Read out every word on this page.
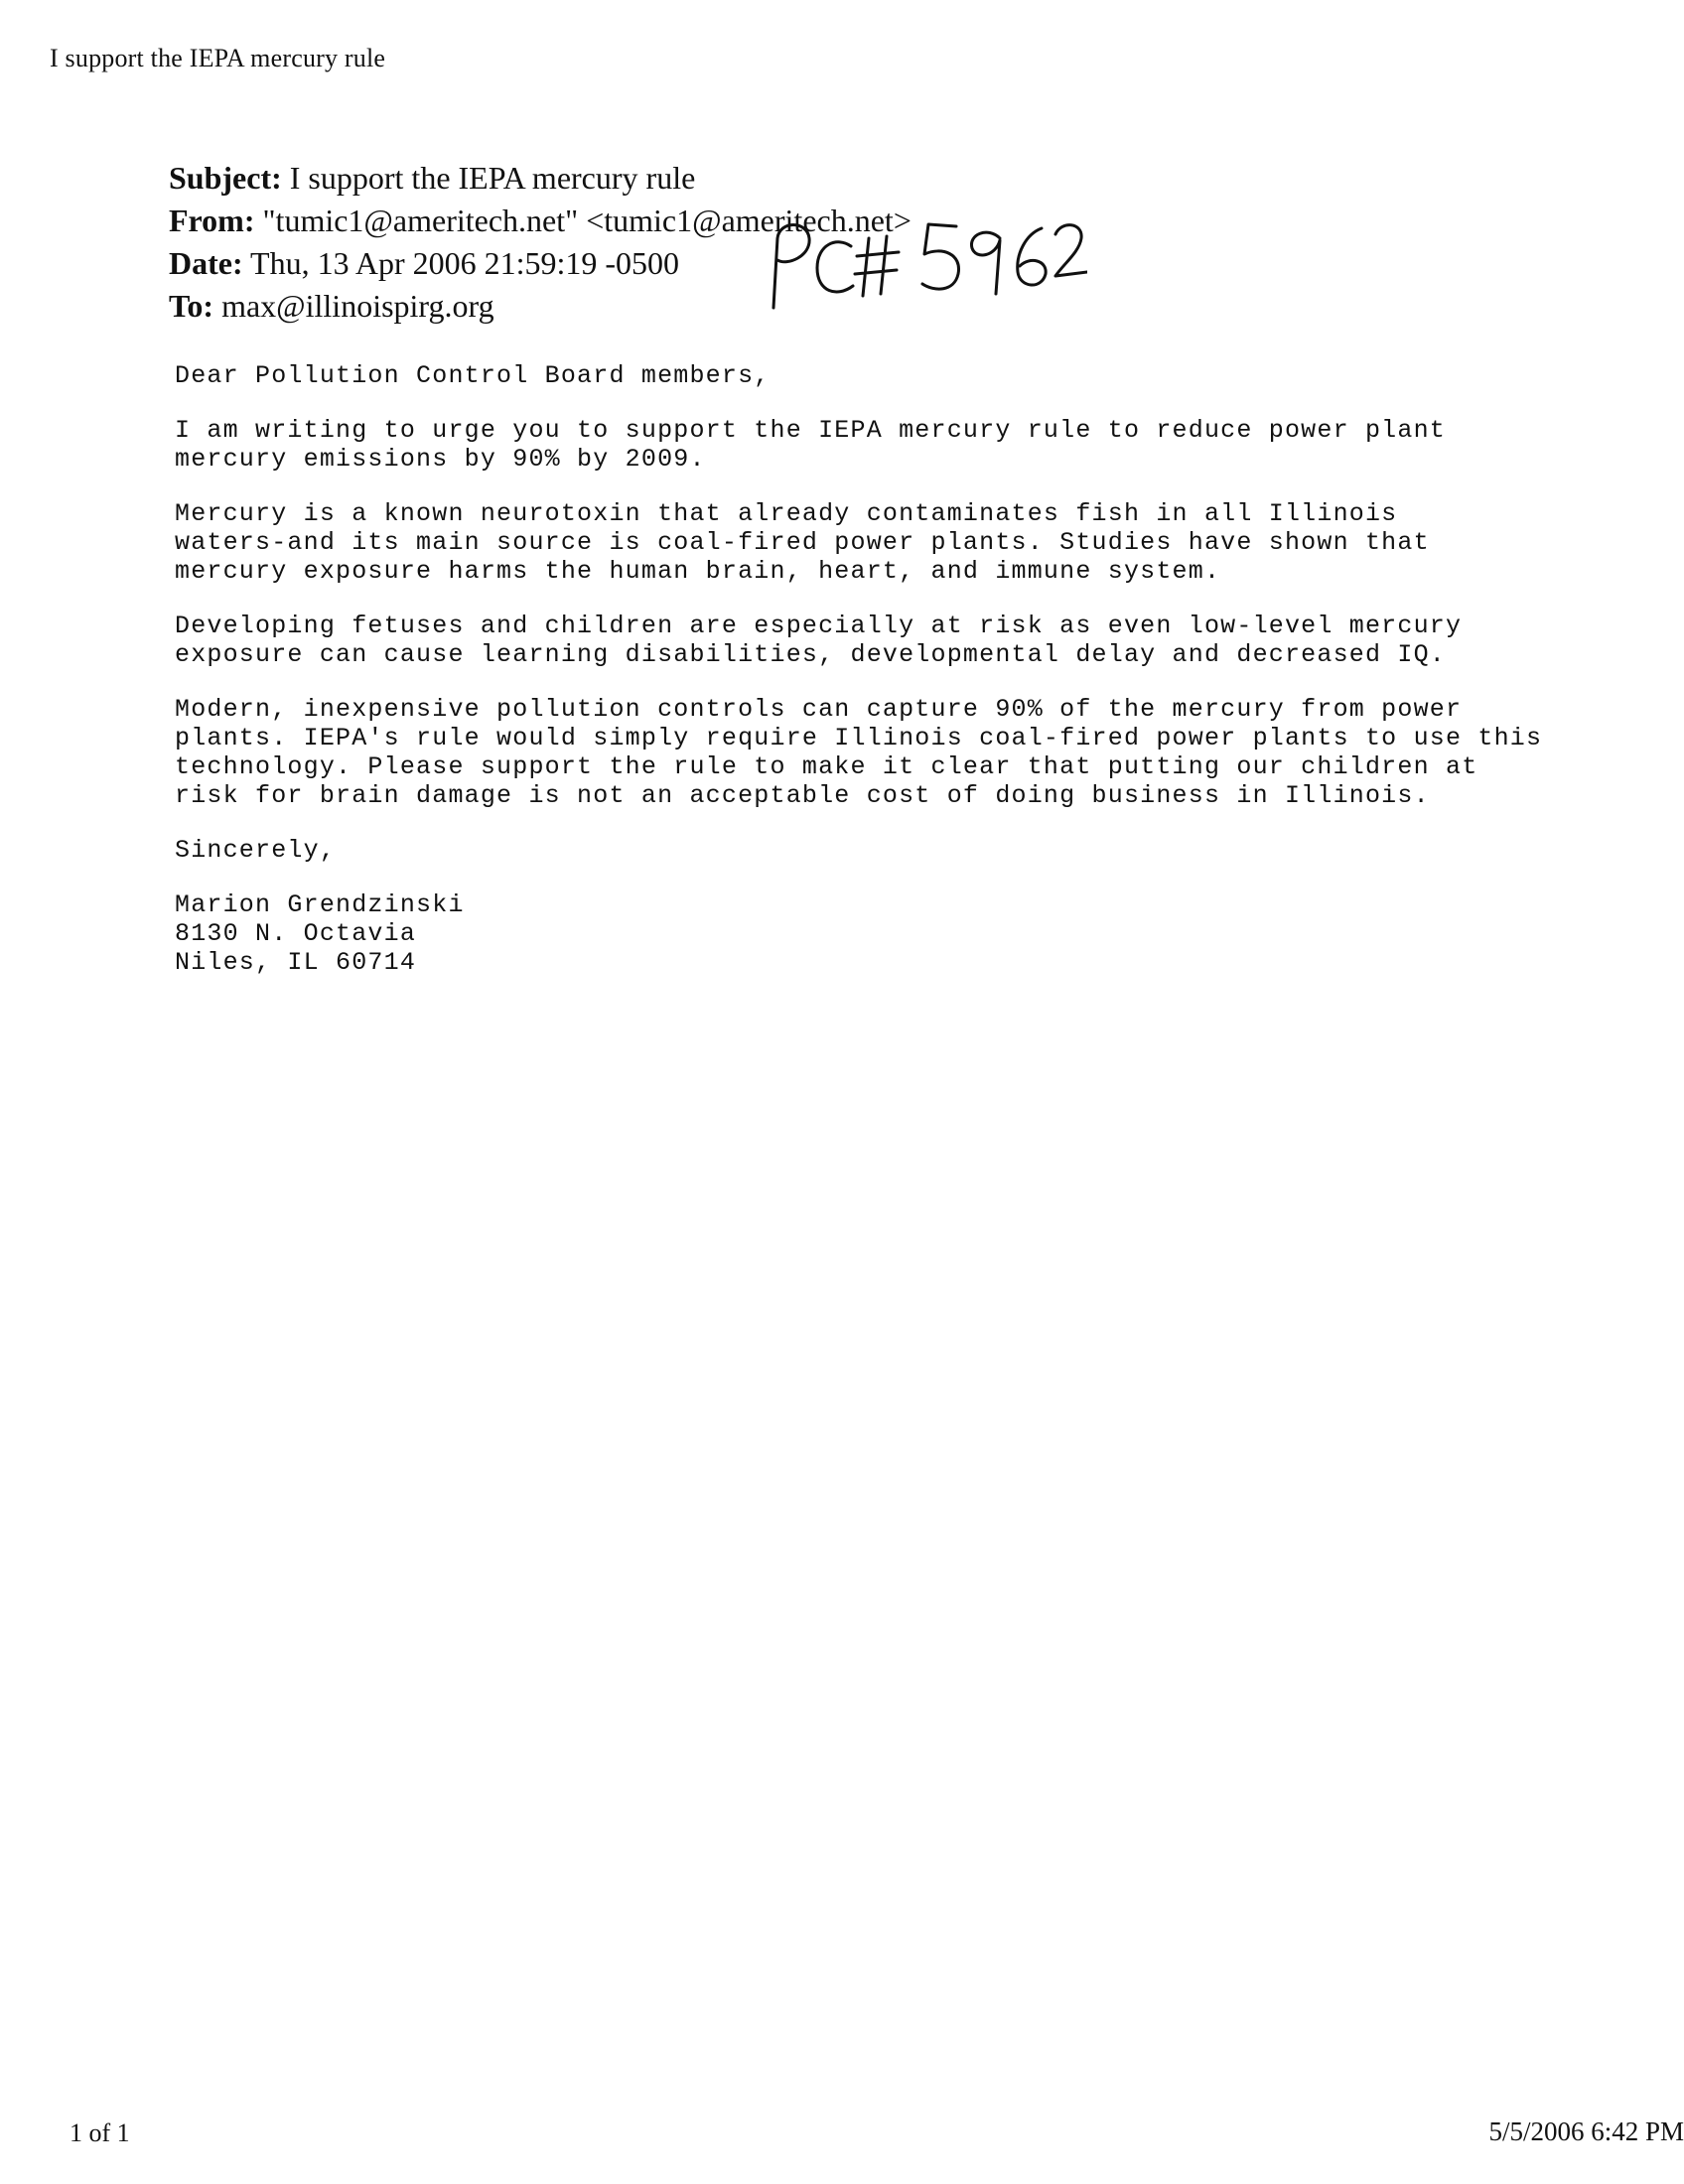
I support the IEPA mercury rule
Subject: I support the IEPA mercury rule
From: "tumic1@ameritech.net" <tumic1@ameritech.net>
Date: Thu, 13 Apr 2006 21:59:19 -0500
To: max@illinoispirg.org

Dear Pollution Control Board members,

I am writing to urge you to support the IEPA mercury rule to reduce power plant
mercury emissions by 90% by 2009.

Mercury is a known neurotoxin that already contaminates fish in all Illinois
waters-and its main source is coal-fired power plants. Studies have shown that
mercury exposure harms the human brain, heart, and immune system.

Developing fetuses and children are especially at risk as even low-level mercury
exposure can cause learning disabilities, developmental delay and decreased IQ.

Modern, inexpensive pollution controls can capture 90% of the mercury from power
plants. IEPA's rule would simply require Illinois coal-fired power plants to use this
technology. Please support the rule to make it clear that putting our children at
risk for brain damage is not an acceptable cost of doing business in Illinois.

Sincerely,

Marion Grendzinski
8130 N. Octavia
Niles, IL 60714
1 of 1	5/5/2006 6:42 PM
